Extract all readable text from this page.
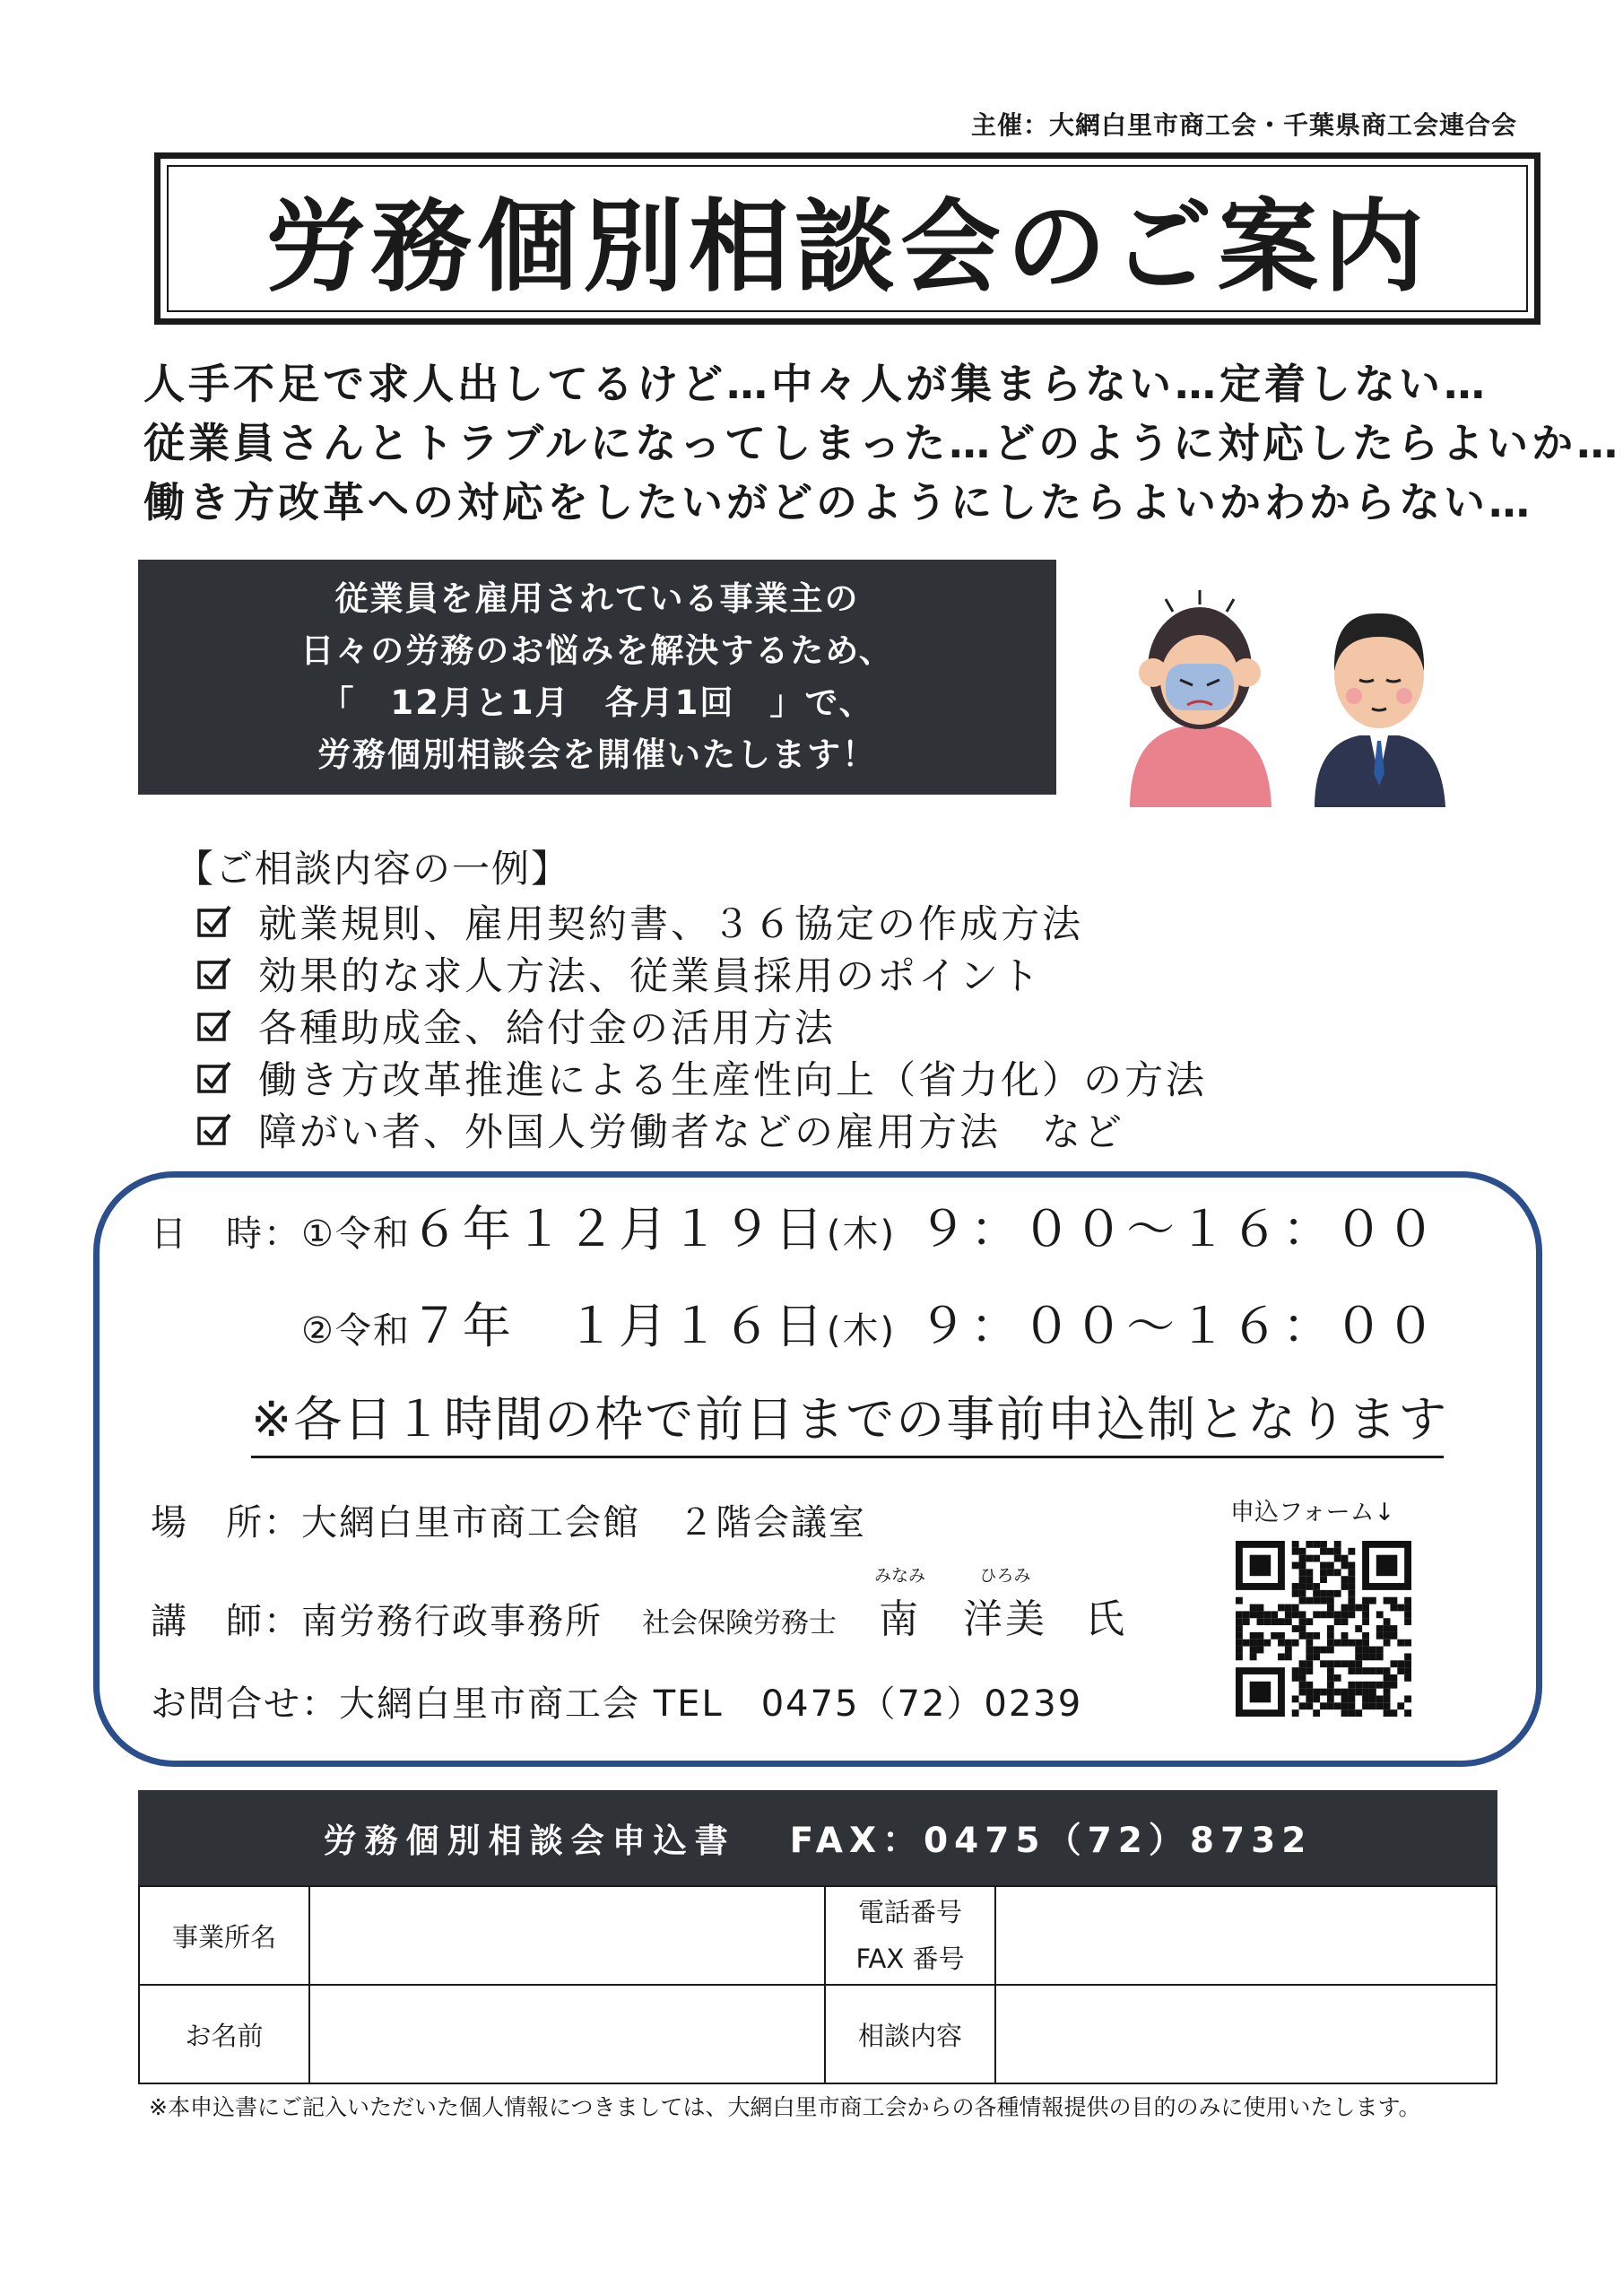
主催：大網白里市商工会・千葉県商工会連合会
労務個別相談会のご案内
人手不足で求人出してるけど…中々人が集まらない…定着しない…
従業員さんとトラブルになってしまった…どのように対応したらよいか…
働き方改革への対応をしたいがどのようにしたらよいかわからない…
従業員を雇用されている事業主の
日々の労務のお悩みを解決するため、
「　12月と1月　各月1回　」で、
労務個別相談会を開催いたします！
【ご相談内容の一例】
就業規則、雇用契約書、３６協定の作成方法
効果的な求人方法、従業員採用のポイント
各種助成金、給付金の活用方法
働き方改革推進による生産性向上（省力化）の方法
障がい者、外国人労働者などの雇用方法　など
日　時：①令和６年１２月１９日(木) ９：００～１６：００
②令和７年　１月１６日(木) ９：００～１６：００
※各日１時間の枠で前日までの事前申込制となります
場　所：大網白里市商工会館　２階会議室
講　師： 南労務行政事務所 社会保険労務士
みなみ
南
ひろみ
洋美 氏
お問合せ：大網白里市商工会 TEL　0475（72）0239
申込フォーム↓
労務個別相談会申込書 FAX：0475（72）8732
事業所名		電話番号
FAX 番号	

お名前		相談内容	
※本申込書にご記入いただいた個人情報につきましては、大網白里市商工会からの各種情報提供の目的のみに使用いたします。
